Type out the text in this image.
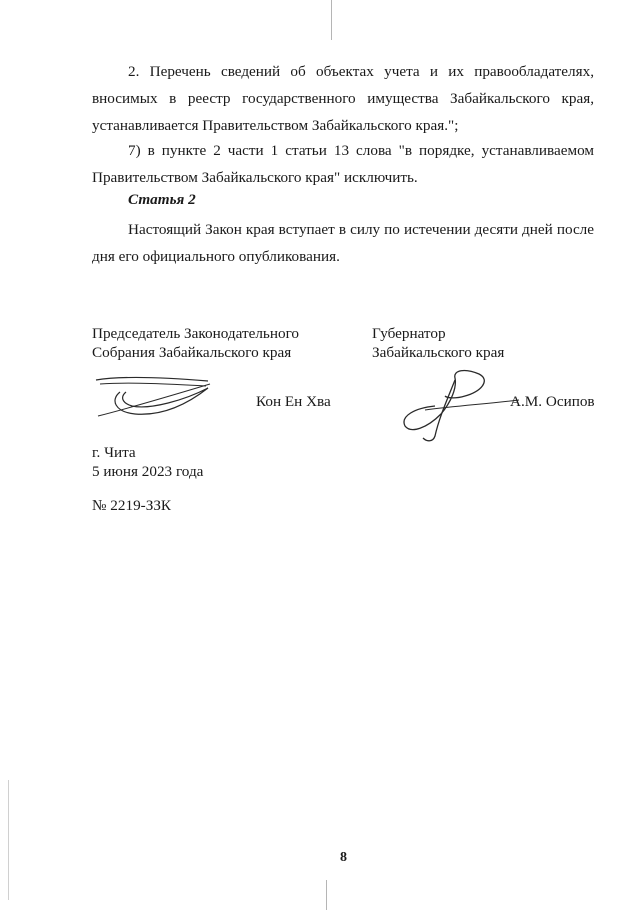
2. Перечень сведений об объектах учета и их правообладателях, вносимых в реестр государственного имущества Забайкальского края, устанавливается Правительством Забайкальского края.";

7) в пункте 2 части 1 статьи 13 слова "в порядке, устанавливаемом Правительством Забайкальского края" исключить.

Статья 2

Настоящий Закон края вступает в силу по истечении десяти дней после дня его официального опубликования.

Председатель Законодательного
Собрания Забайкальского края
Губернатор
Забайкальского края
Кон Ен Хва	А.М. Осипов
г. Чита
5 июня 2023 года
№ 2219-ЗЗК
8
